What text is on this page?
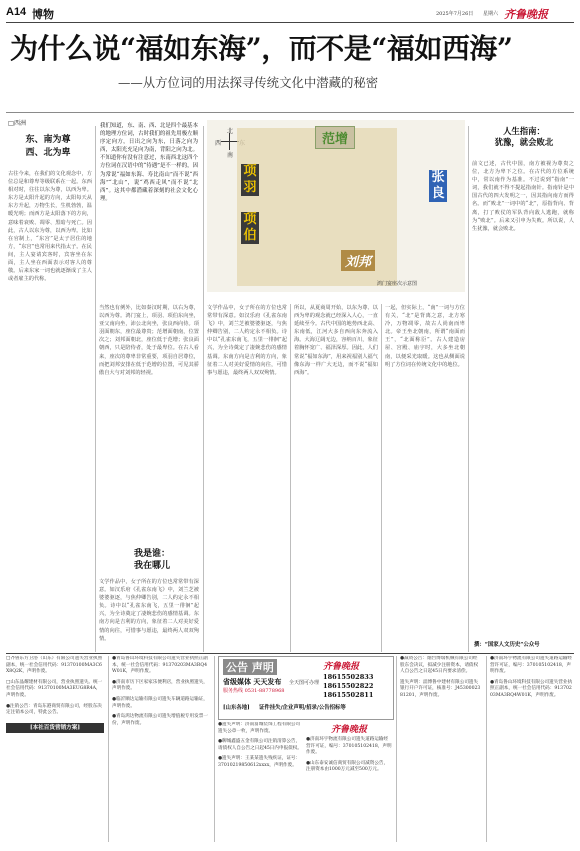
A14 博物	2025年7月26日 星期六 齐鲁晚报
为什么说“福如东海”，而不是“福如西海”
——从方位词的用法探寻传统文化中潜藏的秘密
□西洲
东、南为尊
西、北为卑
古往今来，在我们的文化观念中，方位总是和尊卑等级联系在一起。东西相对时，往往以东为尊，以西为卑。东方是太阳升起的方向，太阳每天从东方升起，万物生长，生机勃勃，温暖光明；而西方是太阳落下的方向，意味着衰败、凋零、黑暗与死亡。因此，古人以东为尊，以西为卑。比如在官制上，“东宫”是太子居住的地方，“东宫”也常用来代指太子。在民间，主人宴请宾客时，宾客坐在东面，主人坐在西面表示对客人的尊敬。后来东家一词也就逐渐成了主人或者雇主的代称。
我们知道，东、南、西、北是四个最基本的地理方位词，古时我们的祖先用极左顺序定向方，日出之向为东，日落之向为西，太阳光充足向为南，背阳之向为北。不知道你有没有注意过，东南西北这四个方位词在汉语中的“待遇”是不一样的，因为常说“福如东海、寿比南山”而不说“西海”“北山”，说“鸡西走风”而不说“北西”。这其中都潜藏着深刻的社会文化心理。
北
西
南
范增
项羽
项伯
张良
刘邦
鸿门宴座次示意图
当然也有例外，比如秦汉时期，以右为尊，以西为尊。鸿门宴上，项羽、项伯东向坐，亚父南向坐，沛公北向坐，张良西向侍。项羽面朝东，座位最尊贵；范增面朝南，位置次之；刘邦面朝北，座位低于范增；张良面朝西，只是陪侍者，处于最卑位。在古人看来，座次的尊卑非常重要，项羽自居尊位，而把刘邦安排在低于范增的位置，可见其骄傲自大与对刘邦的轻视。
我是谁：
我在哪儿
文学作品中，女子所在的方位也常常带有深意。如汉乐府《孔雀东南飞》中，刘兰芝被婆婆驱逐，与焦仲卿告别，二人约定永不相负。诗中以“孔雀东南飞，五里一徘徊”起兴，为全诗奠定了凄婉悲伤的感情基调。东南方向是吉利的方向，象征着二人对美好爱情的向往，可惜事与愿违，最终两人双双殉情。
文学作品中，女子所在的方位也常常带有深意。如汉乐府《孔雀东南飞》中，刘兰芝被婆婆驱逐，与焦仲卿告别，二人约定永不相负。诗中以“孔雀东南飞，五里一徘徊”起兴，为全诗奠定了凄婉悲伤的感情基调。东南方向是吉利的方向，象征着二人对美好爱情的向往，可惜事与愿违，最终两人双双殉情。
所以，从夏商周开始，以东为尊、以西为卑的观念就已经深入人心，一直延续至今。古代中国的地势西北高、东南低，江河大多自西向东奔流入海。大海辽阔无边，容纳百川，象征着胸怀宽广、福泽深厚。因此，人们常说“福如东海”，用来祝福别人福气像东海一样广大无边，而不说“福如西海”。
一起，但实际上，“南”一词与方位有关，“北”是背离之意，北方寒冷，万物凋零，故古人尚南而卑北。帝王坐北朝南，所谓“南面而王”，“北面称臣”。古人建造房屋、宫殿、庙宇时，大多坐北朝南，以便采光取暖。这也从侧面说明了方位词在传统文化中的地位。
人生指南：
犹豫，就会败北
前文已述，古代中国，南方被视为尊贵之位，北方为卑下之位。在古代的方位系统中，常以南作为基准。不过说到“指南”一词，我们就不得不提起指南针。指南针是中国古代的四大发明之一，因其指向南方而得名。而“败北”一词中的“北”，原指背向、背离，打了败仗的军队背向敌人逃跑，就称为“败北”。后来又引申为失败。所以说，人生犹豫，就会败北。
撰：“国家人文历史”公众号
□齐鲁东方卫浴（山东）有限公司遗失营业执照副本，统一社会信用代码：91370100MA3C6X8Q2K，声明作废。
□山东晶耀建材有限公司，营业执照遗失。统一社会信用代码：91370100MA3EUG8R4A，声明作废。
●注销公告：青岛东港商贸有限公司，经股东决定注销本公司，特此公告。
[本社百货营销方案]
●青岛鲁山环境科技有限公司遗失营业执照正副本，统一社会信用代码：91370203MA3RQ4W01K，声明作废。
●济南市历下区家家乐便利店，营业执照遗失，声明作废。
●临沂顺达运输有限公司遗失车辆道路运输证，声明作废。
●青岛鸿达物流有限公司遗失增值税专用发票一份，声明作废。
公告 声明	齐鲁晚报
省级媒体 天天发布
服务热线 0531-88778968
全天图可办理
18615502833
18615502822
18615502811
[山东各地] 证件挂失/企业声明/招录/公告招标等
●遗失声明：济南富城装饰工程有限公司遗失公章一枚，声明作废。
●聊城鑫盛五金有限公司注销清算公告，请债权人自公告之日起45日内申报债权。
●遗失声明：王某某遗失残疾证，证号：37010219850612xxxx，声明作废。
齐鲁晚报
●济南环宇物流有限公司遗失道路运输经营许可证，编号：370105102418，声明作废。
●山东泰安诚信商贸有限公司减资公告，注册资本由1000万元减至500万元。
●减资公告：烟台博瑞机械有限公司经股东会决议，拟减少注册资本，请债权人自公告之日起45日内要求清偿。
遗失声明：淄博鲁中建材有限公司遗失银行开户许可证，核准号：J4530002381201，声明作废。
●济南环宇物流有限公司遗失道路运输经营许可证，编号：370105102418，声明作废。
●青岛鲁山环境科技有限公司遗失营业执照正副本，统一社会信用代码：91370203MA3RQ4W01K，声明作废。
